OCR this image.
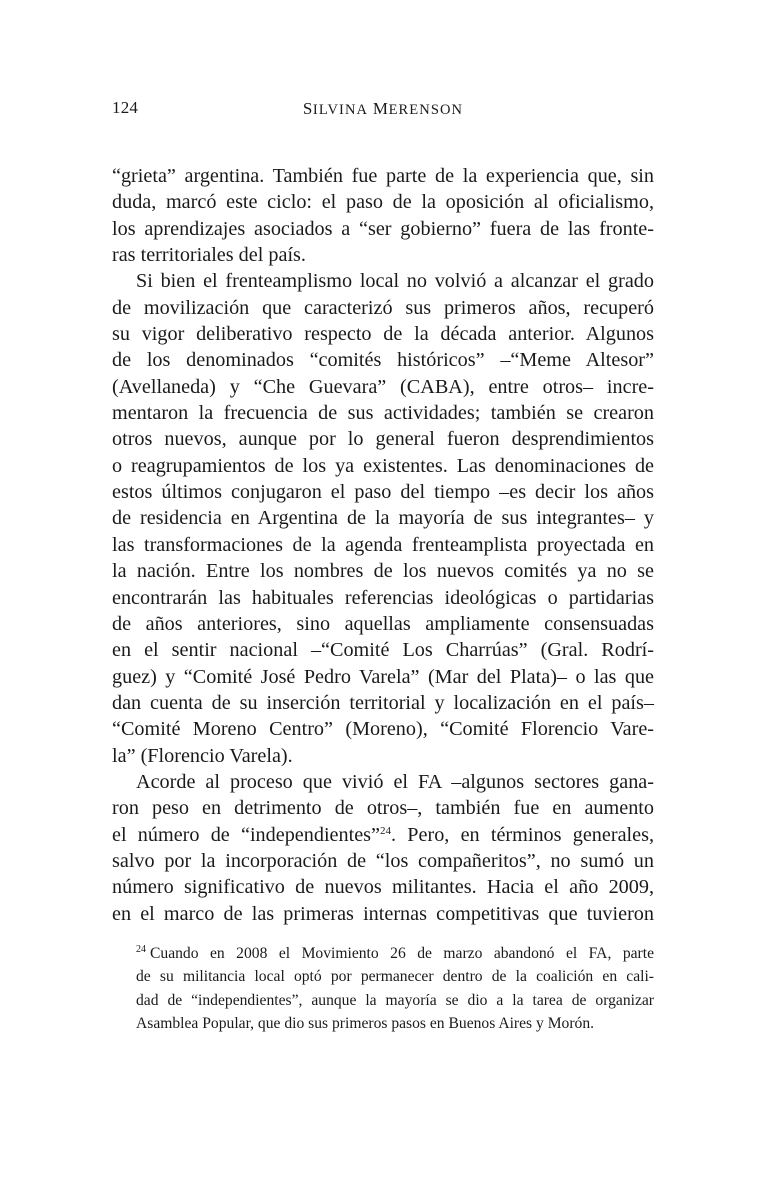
124	SILVINA MERENSON
“grieta” argentina. También fue parte de la experiencia que, sin
duda, marcó este ciclo: el paso de la oposición al oficialismo,
los aprendizajes asociados a “ser gobierno” fuera de las fronte-
ras territoriales del país.
Si bien el frenteamplismo local no volvió a alcanzar el grado
de movilización que caracterizó sus primeros años, recuperó
su vigor deliberativo respecto de la década anterior. Algunos
de los denominados “comités históricos” –“Meme Altesor”
(Avellaneda) y “Che Guevara” (CABA), entre otros– incre-
mentaron la frecuencia de sus actividades; también se crearon
otros nuevos, aunque por lo general fueron desprendimientos
o reagrupamientos de los ya existentes. Las denominaciones de
estos últimos conjugaron el paso del tiempo –es decir los años
de residencia en Argentina de la mayoría de sus integrantes– y
las transformaciones de la agenda frenteamplista proyectada en
la nación. Entre los nombres de los nuevos comités ya no se
encontrarán las habituales referencias ideológicas o partidarias
de años anteriores, sino aquellas ampliamente consensuadas
en el sentir nacional –“Comité Los Charrúas” (Gral. Rodrí-
guez) y “Comité José Pedro Varela” (Mar del Plata)– o las que
dan cuenta de su inserción territorial y localización en el país–
“Comité Moreno Centro” (Moreno), “Comité Florencio Vare-
la” (Florencio Varela).
Acorde al proceso que vivió el FA –algunos sectores gana-
ron peso en detrimento de otros–, también fue en aumento
el número de “independientes”$^{24}$. Pero, en términos generales,
salvo por la incorporación de “los compañeritos”, no sumó un
número significativo de nuevos militantes. Hacia el año 2009,
en el marco de las primeras internas competitivas que tuvieron
$^{24}$ Cuando en 2008 el Movimiento 26 de marzo abandonó el FA, parte
de su militancia local optó por permanecer dentro de la coalición en cali-
dad de “independientes”, aunque la mayoría se dio a la tarea de organizar
Asamblea Popular, que dio sus primeros pasos en Buenos Aires y Morón.
